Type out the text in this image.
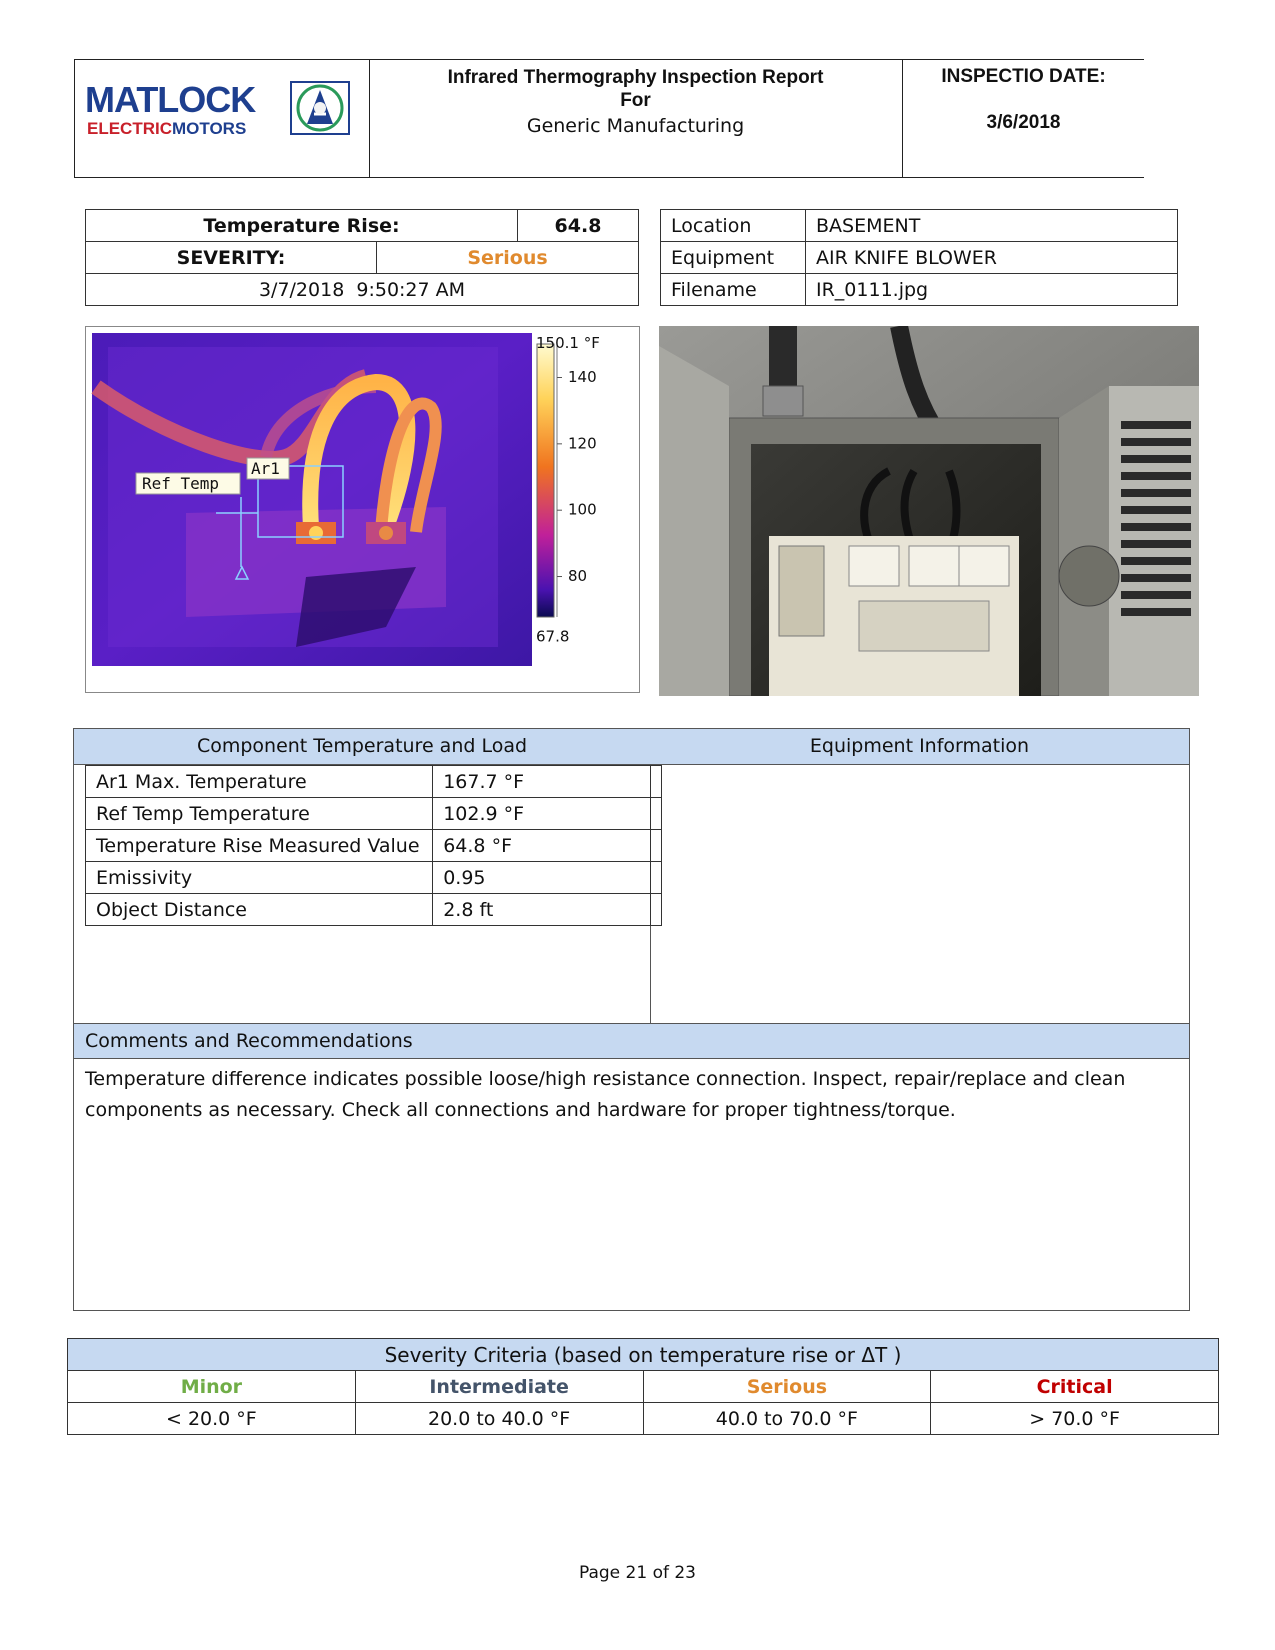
MATLOCK
ELECTRICMOTORS
Infrared Thermography Inspection Report
For
Generic Manufacturing
INSPECTIO DATE:
3/6/2018
Temperature Rise:		64.8
SEVERITY:	Serious	
3/7/2018  9:50:27 AM		
Location	BASEMENT
Equipment	AIR KNIFE BLOWER
Filename	IR_0111.jpg
Ref Temp
Ar1
140
120
100
80
150.1 °F
67.8
Component Temperature and Load	Equipment Information
Ar1 Max. Temperature	167.7 °F	
Ref Temp Temperature	102.9 °F	
Temperature Rise Measured Value	64.8 °F	
Emissivity	0.95	
Object Distance	2.8 ft	
Comments and Recommendations
Temperature difference indicates possible loose/high resistance connection. Inspect, repair/replace and clean components as necessary. Check all connections and hardware for proper tightness/torque.
Severity Criteria (based on temperature rise or ΔT )			
Minor	Intermediate	Serious	Critical
< 20.0 °F	20.0 to 40.0 °F	40.0 to 70.0 °F	> 70.0 °F
Page 21 of 23
